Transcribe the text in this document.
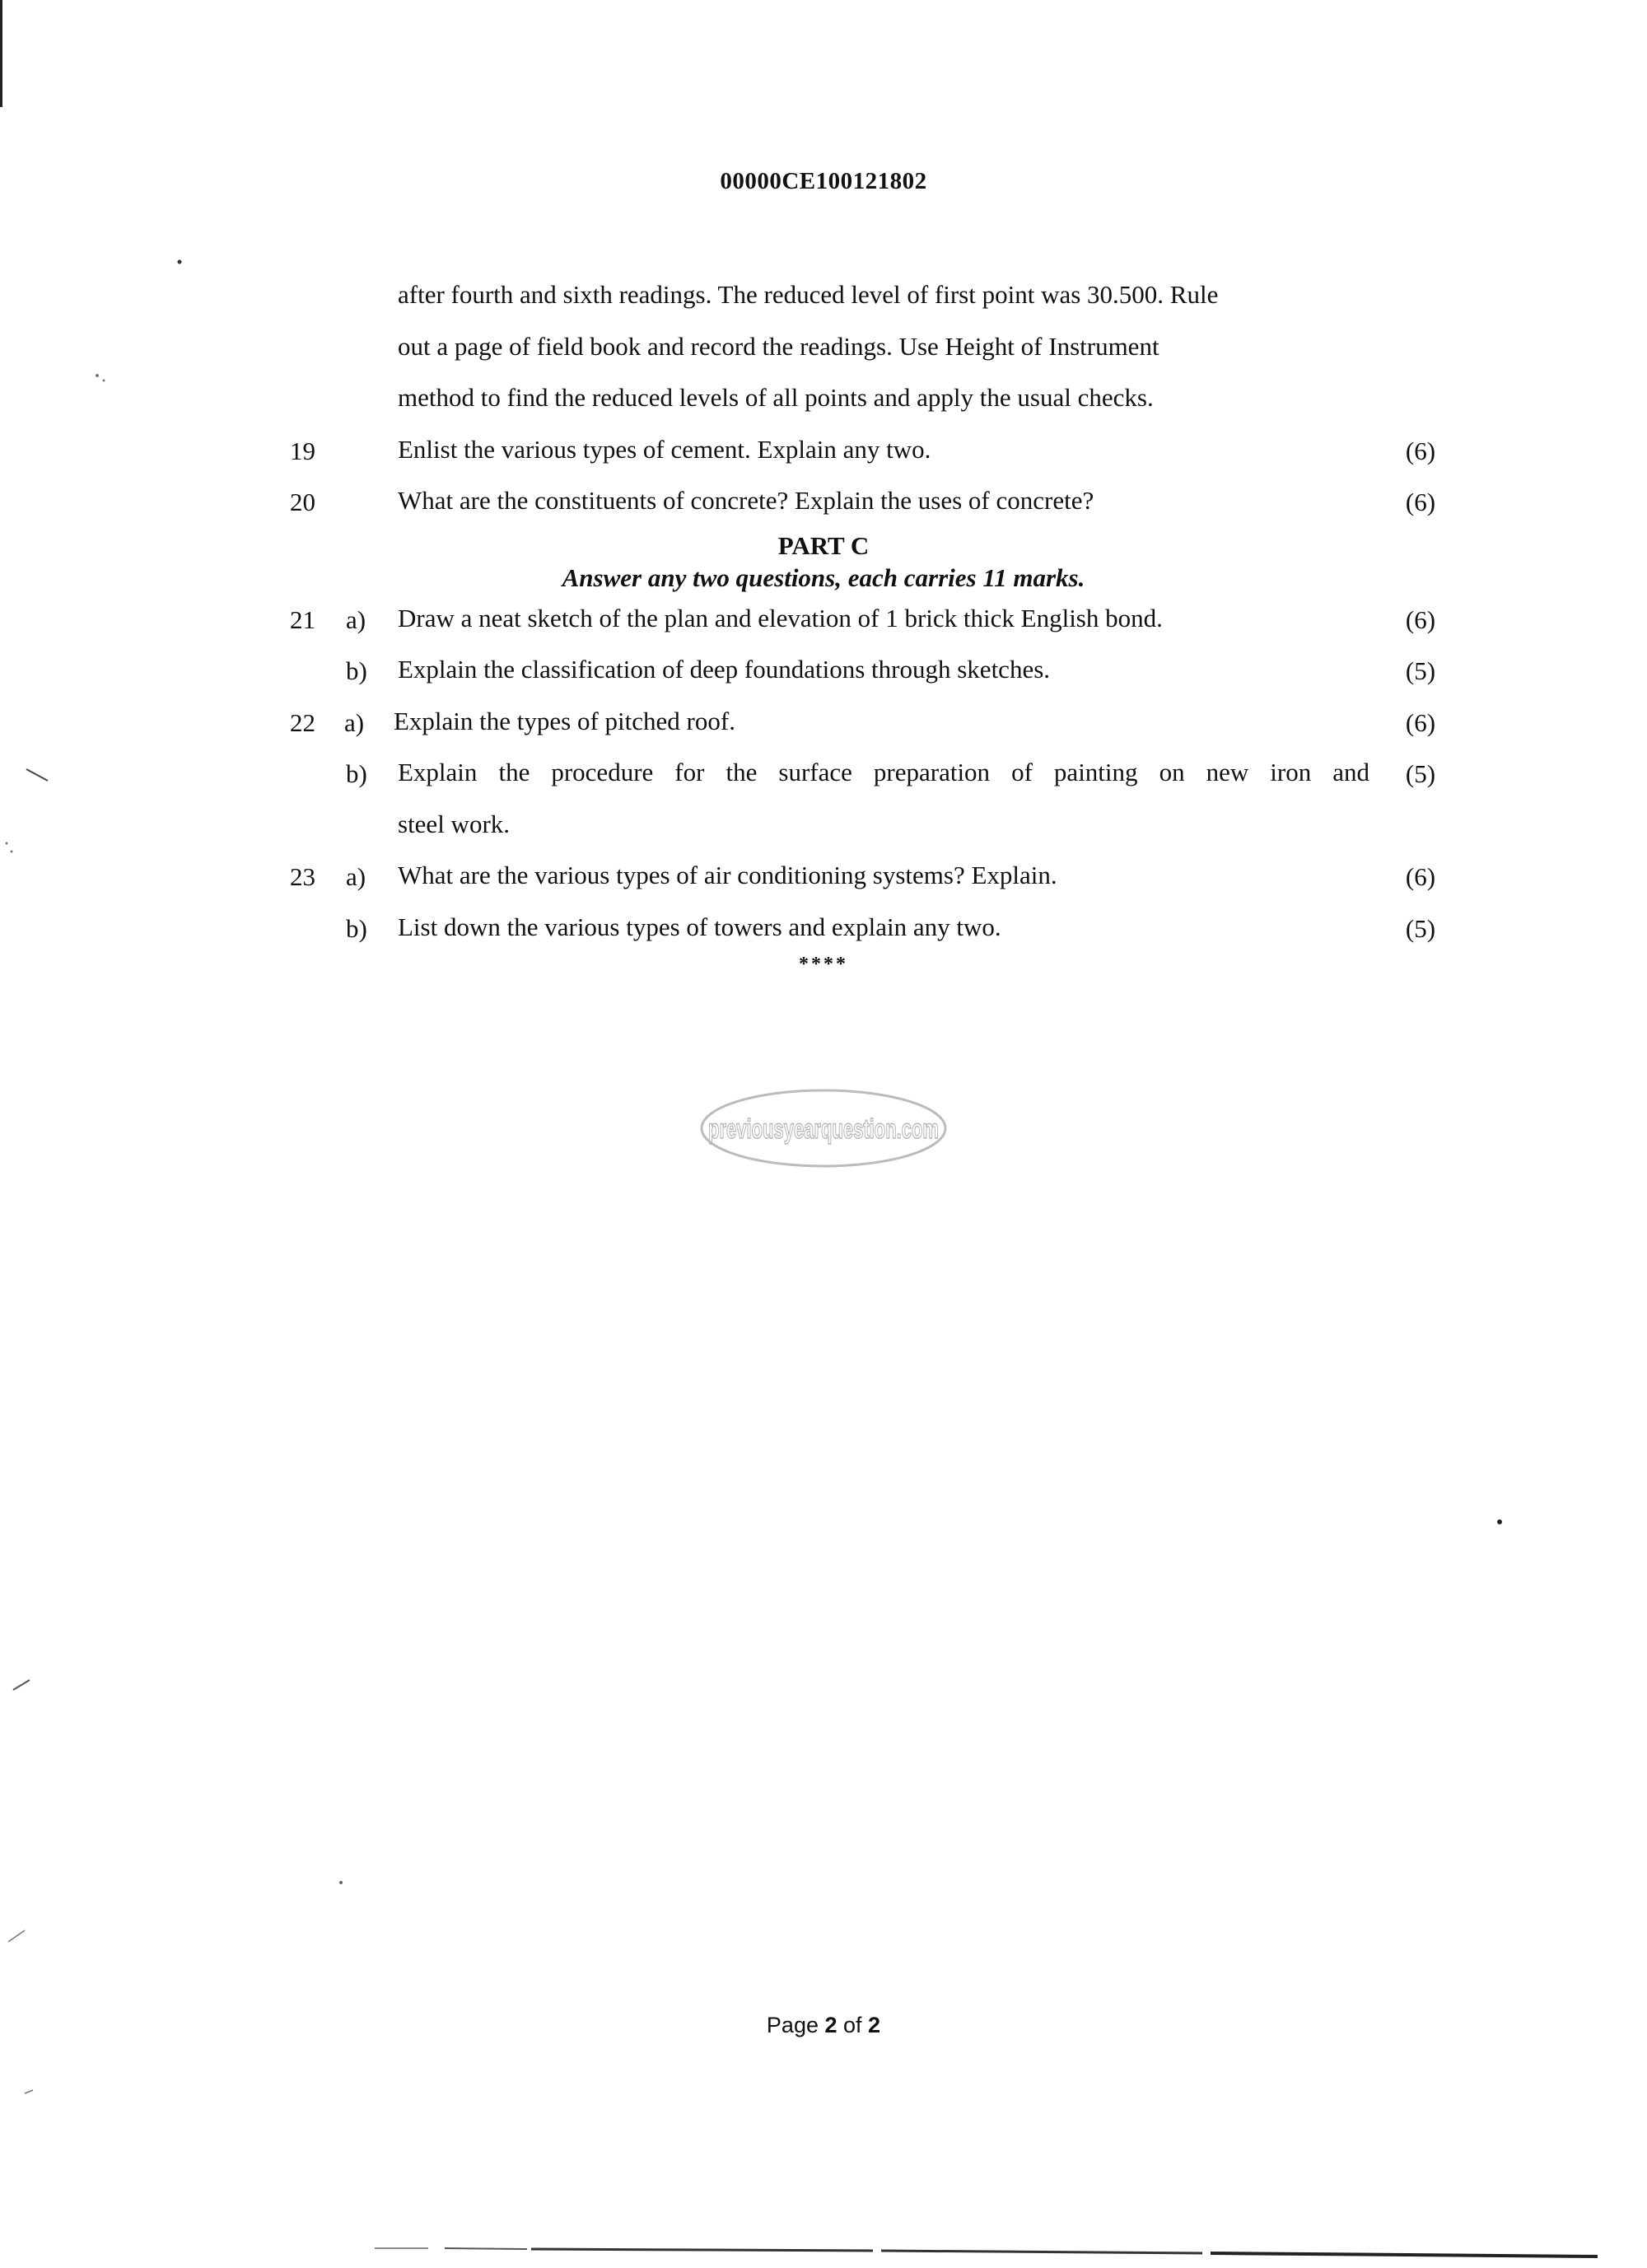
00000CE100121802
after fourth and sixth readings. The reduced level of first point was 30.500. Rule
out a page of field book and record the readings. Use Height of Instrument
method to find the reduced levels of all points and apply the usual checks.
19	Enlist the various types of cement. Explain any two.	(6)
20	What are the constituents of concrete? Explain the uses of concrete?	(6)
PART C
Answer any two questions, each carries 11 marks.
21 a) Draw a neat sketch of the plan and elevation of 1 brick thick English bond.	(6)
b) Explain the classification of deep foundations through sketches.	(5)
22 a) Explain the types of pitched roof.	(6)
b) Explain the procedure for the surface preparation of painting on new iron and (5)
steel work.
23 a) What are the various types of air conditioning systems? Explain.	(6)
b) List down the various types of towers and explain any two.	(5)
****
previousyearquestion.com
Page 2 of 2
